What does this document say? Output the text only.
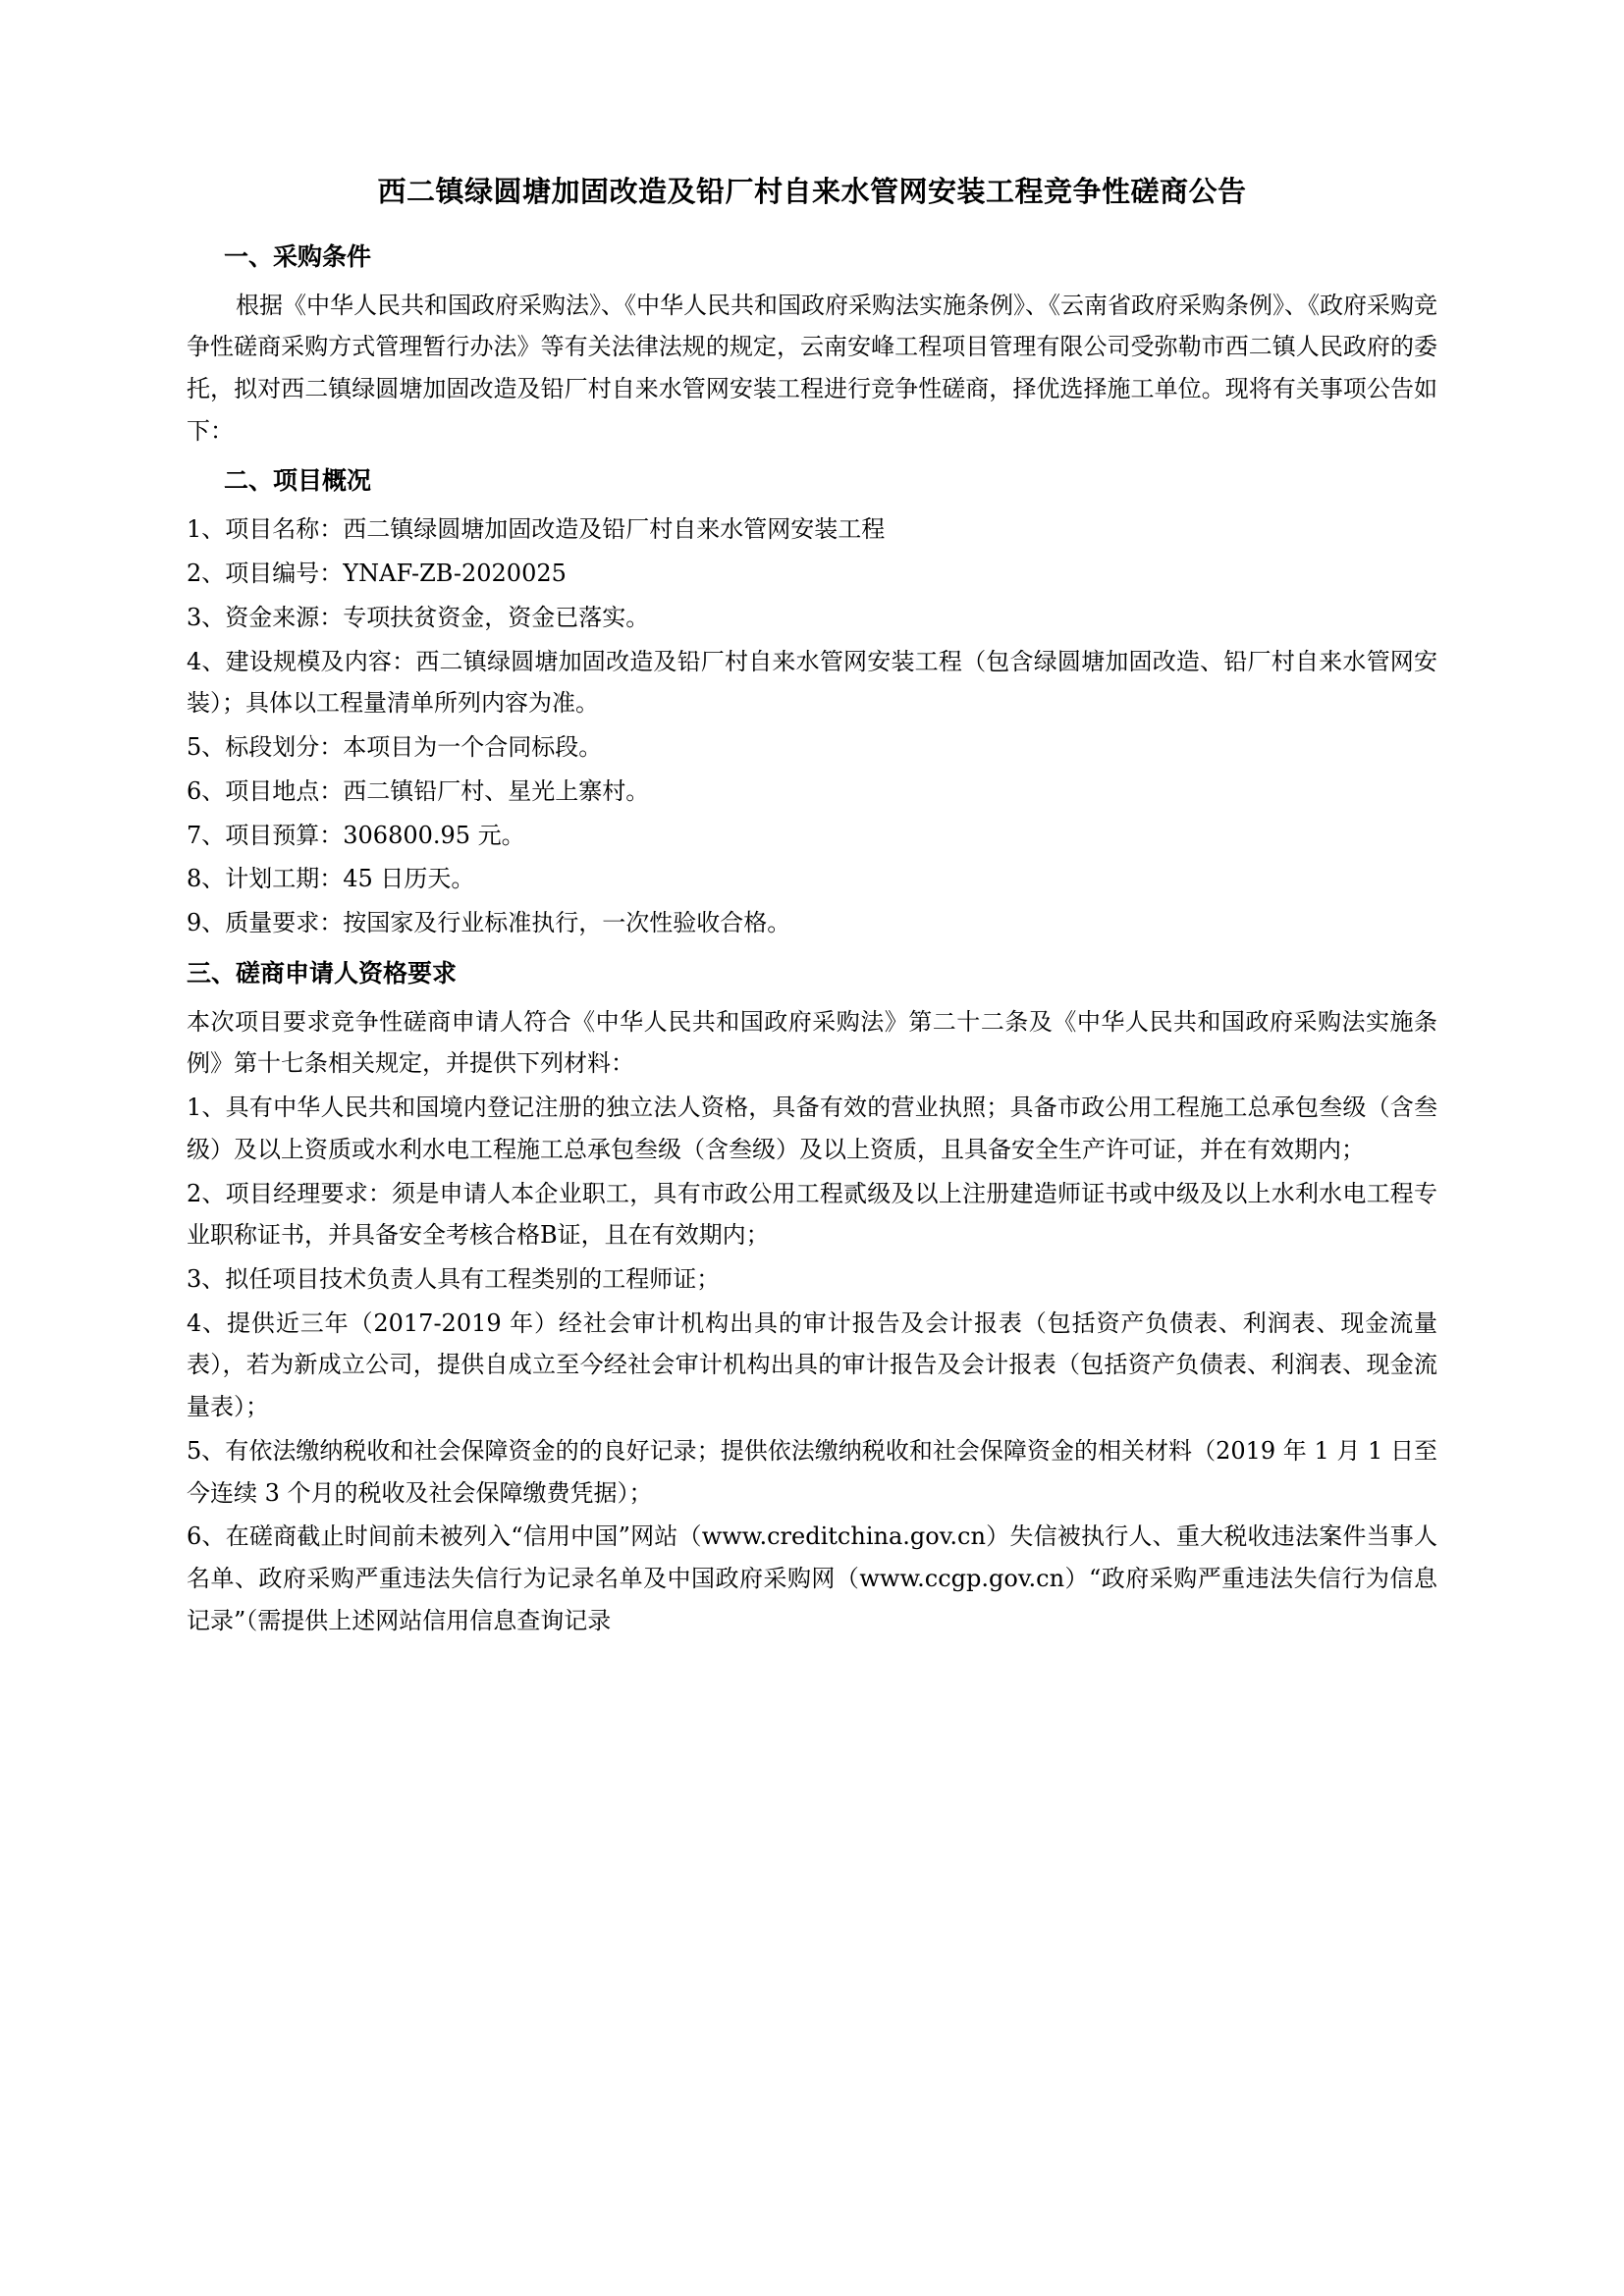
西二镇绿圆塘加固改造及铅厂村自来水管网安装工程竞争性磋商公告
一、采购条件

根据《中华人民共和国政府采购法》、《中华人民共和国政府采购法实施条例》、《云南省政府采购条例》、《政府采购竞争性磋商采购方式管理暂行办法》等有关法律法规的规定，云南安峰工程项目管理有限公司受弥勒市西二镇人民政府的委托，拟对西二镇绿圆塘加固改造及铅厂村自来水管网安装工程进行竞争性磋商，择优选择施工单位。现将有关事项公告如下：

二、项目概况

1、项目名称：西二镇绿圆塘加固改造及铅厂村自来水管网安装工程

2、项目编号：YNAF-ZB-2020025

3、资金来源：专项扶贫资金，资金已落实。

4、建设规模及内容：西二镇绿圆塘加固改造及铅厂村自来水管网安装工程（包含绿圆塘加固改造、铅厂村自来水管网安装）；具体以工程量清单所列内容为准。

5、标段划分：本项目为一个合同标段。

6、项目地点：西二镇铅厂村、星光上寨村。

7、项目预算：306800.95 元。

8、计划工期：45 日历天。

9、质量要求：按国家及行业标准执行，一次性验收合格。

三、磋商申请人资格要求

本次项目要求竞争性磋商申请人符合《中华人民共和国政府采购法》第二十二条及《中华人民共和国政府采购法实施条例》第十七条相关规定，并提供下列材料：

1、具有中华人民共和国境内登记注册的独立法人资格，具备有效的营业执照；具备市政公用工程施工总承包叁级（含叁级）及以上资质或水利水电工程施工总承包叁级（含叁级）及以上资质，且具备安全生产许可证，并在有效期内；

2、项目经理要求：须是申请人本企业职工，具有市政公用工程贰级及以上注册建造师证书或中级及以上水利水电工程专业职称证书，并具备安全考核合格B证，且在有效期内；

3、拟任项目技术负责人具有工程类别的工程师证；

4、提供近三年（2017-2019 年）经社会审计机构出具的审计报告及会计报表（包括资产负债表、利润表、现金流量表），若为新成立公司，提供自成立至今经社会审计机构出具的审计报告及会计报表（包括资产负债表、利润表、现金流量表）；

5、有依法缴纳税收和社会保障资金的的良好记录；提供依法缴纳税收和社会保障资金的相关材料（2019 年 1 月 1 日至今连续 3 个月的税收及社会保障缴费凭据）；

6、在磋商截止时间前未被列入“信用中国”网站（www.creditchina.gov.cn）失信被执行人、重大税收违法案件当事人名单、政府采购严重违法失信行为记录名单及中国政府采购网（www.ccgp.gov.cn）“政府采购严重违法失信行为信息记录”（需提供上述网站信用信息查询记录
